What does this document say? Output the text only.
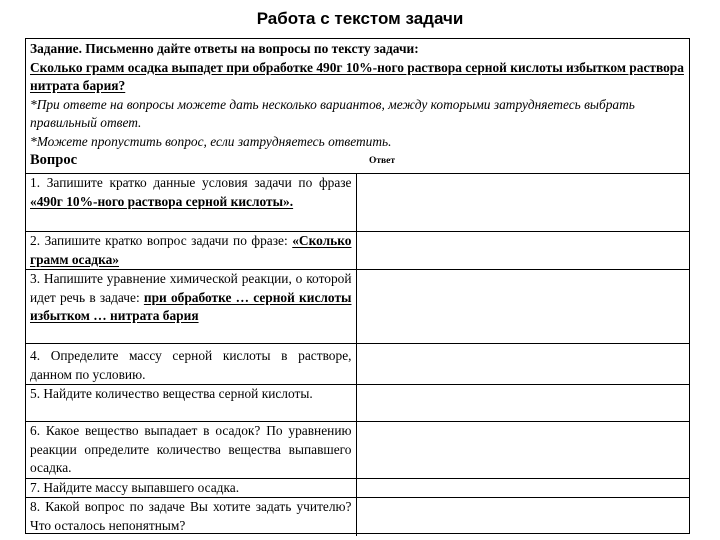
Работа с текстом задачи
Задание. Письменно дайте ответы на вопросы по тексту задачи:
Сколько грамм осадка выпадет при обработке 490г 10%-ного раствора серной кислоты избытком раствора нитрата бария?
*При ответе на вопросы можете дать несколько вариантов, между которыми затрудняетесь выбрать правильный ответ.
*Можете пропустить вопрос, если затрудняетесь ответить.
Вопрос	Ответ
1. Запишите кратко данные условия задачи по фразе «490г 10%-ного раствора серной кислоты».	
2. Запишите кратко вопрос задачи по фразе: «Сколько грамм осадка»	
3. Напишите уравнение химической реакции, о которой идет речь в задаче: при обработке … серной кислоты избытком … нитрата бария	
4. Определите массу серной кислоты в растворе, данном по условию.	
5. Найдите количество вещества серной кислоты.	
6. Какое вещество выпадает в осадок? По уравнению реакции определите количество вещества выпавшего осадка.	
7. Найдите массу выпавшего осадка.	
8. Какой вопрос по задаче Вы хотите задать учителю? Что осталось непонятным?	
